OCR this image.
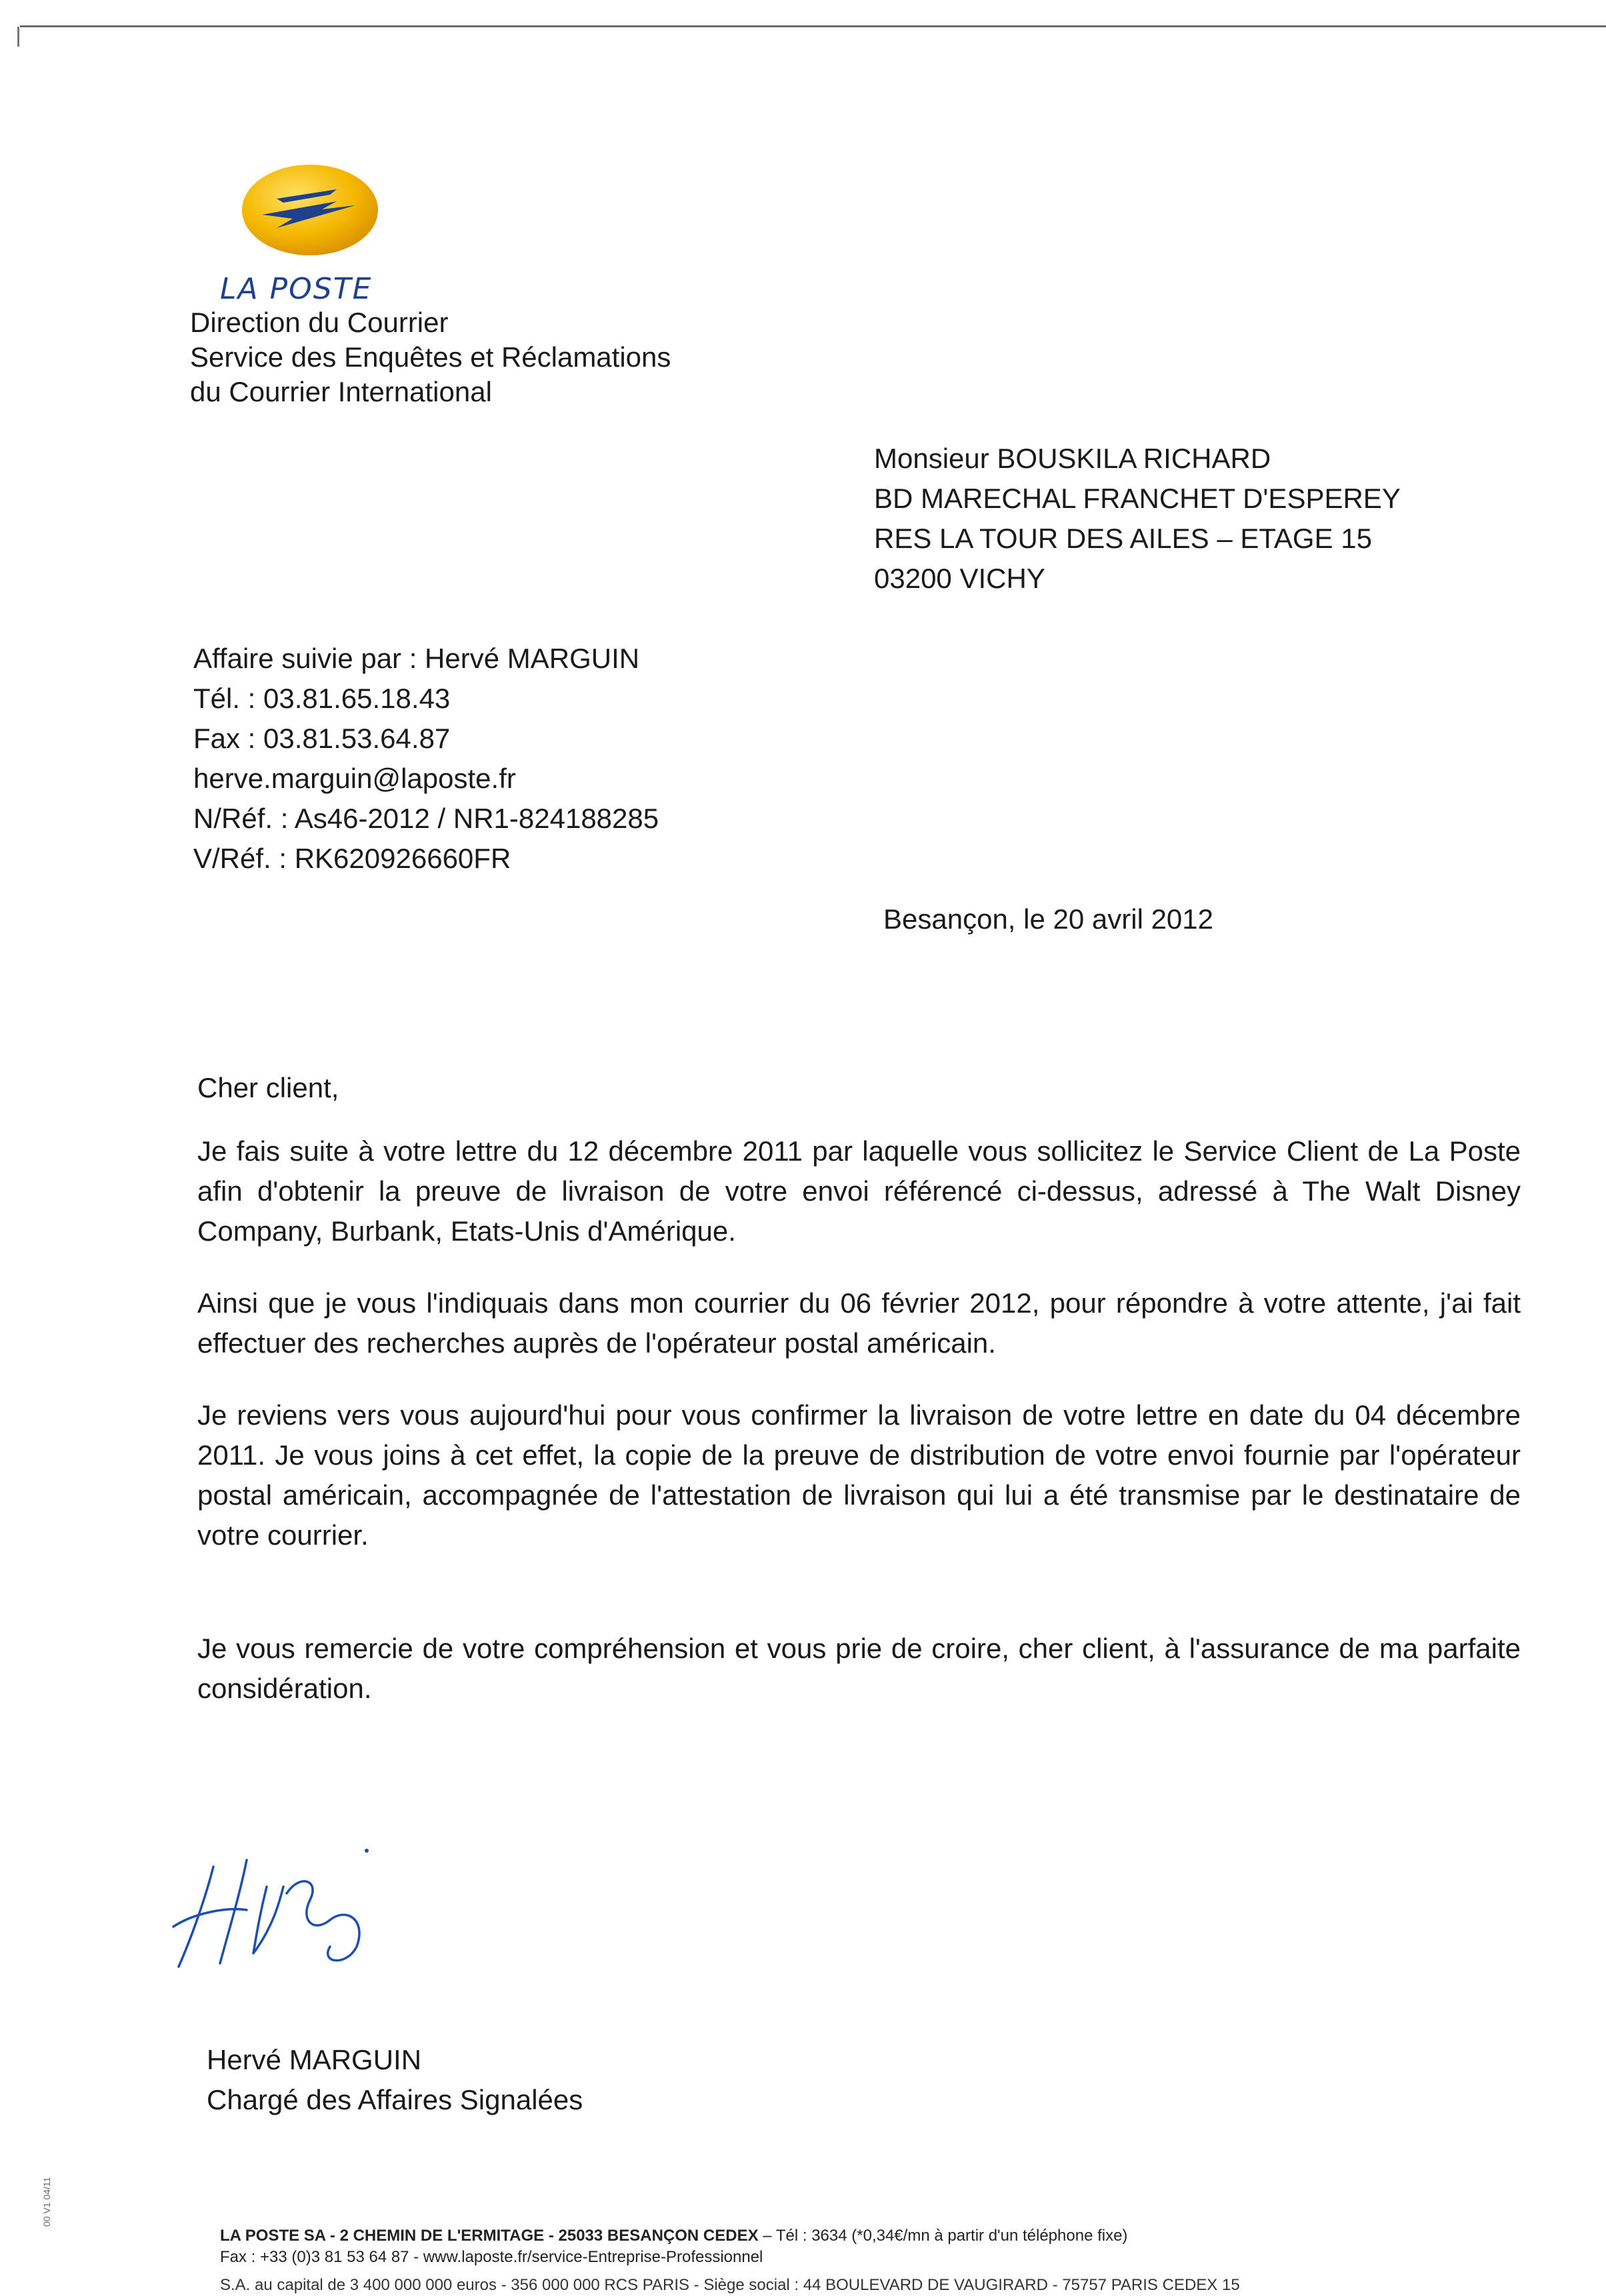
LA POSTE
Direction du Courrier
Service des Enquêtes et Réclamations
du Courrier International
Monsieur BOUSKILA RICHARD
BD MARECHAL FRANCHET D'ESPEREY
RES LA TOUR DES AILES – ETAGE 15
03200 VICHY
Affaire suivie par : Hervé MARGUIN
Tél. : 03.81.65.18.43
Fax : 03.81.53.64.87
herve.marguin@laposte.fr
N/Réf. : As46-2012 / NR1-824188285
V/Réf. : RK620926660FR
Besançon, le 20 avril 2012

Cher client,

Je fais suite à votre lettre du 12 décembre 2011 par laquelle vous sollicitez le Service Client de La Poste afin d'obtenir la preuve de livraison de votre envoi référencé ci-dessus, adressé à The Walt Disney Company, Burbank, Etats-Unis d'Amérique.

Ainsi que je vous l'indiquais dans mon courrier du 06 février 2012, pour répondre à votre attente, j'ai fait effectuer des recherches auprès de l'opérateur postal américain.

Je reviens vers vous aujourd'hui pour vous confirmer la livraison de votre lettre en date du 04 décembre 2011. Je vous joins à cet effet, la copie de la preuve de distribution de votre envoi fournie par l'opérateur postal américain, accompagnée de l'attestation de livraison qui lui a été transmise par le destinataire de votre courrier.

Je vous remercie de votre compréhension et vous prie de croire, cher client, à l'assurance de ma parfaite considération.

Hervé MARGUIN
Chargé des Affaires Signalées
LA POSTE SA - 2 CHEMIN DE L'ERMITAGE - 25033 BESANÇON CEDEX – Tél : 3634 (*0,34€/mn à partir d'un téléphone fixe)
Fax : +33 (0)3 81 53 64 87 - www.laposte.fr/service-Entreprise-Professionnel
S.A. au capital de 3 400 000 000 euros - 356 000 000 RCS PARIS - Siège social : 44 BOULEVARD DE VAUGIRARD - 75757 PARIS CEDEX 15
00 V1 04/11
